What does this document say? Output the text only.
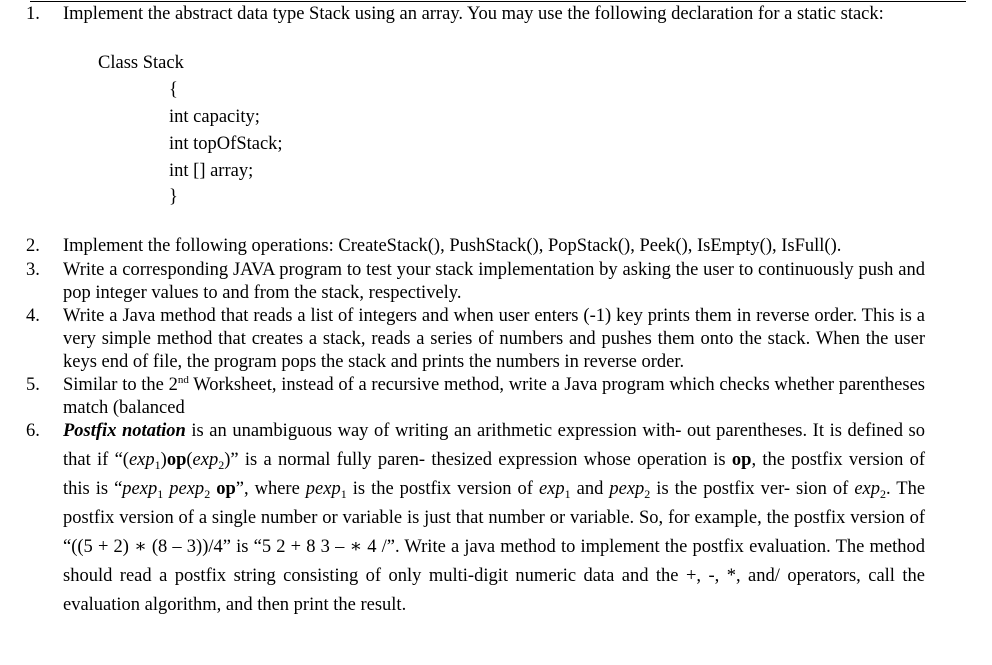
1.	Implement the abstract data type Stack using an array. You may use the following declaration for a static stack:
Class Stack
{
int capacity;
int topOfStack;
int [] array;
}
2.	Implement the following operations: CreateStack(), PushStack(), PopStack(), Peek(), IsEmpty(), IsFull().
3.	Write a corresponding JAVA program to test your stack implementation by asking the user to continuously push and pop integer values to and from the stack, respectively.
4.	Write a Java method that reads a list of integers and when user enters (-1) key prints them in reverse order. This is a very simple method that creates a stack, reads a series of numbers and pushes them onto the stack. When the user keys end of file, the program pops the stack and prints the numbers in reverse order.
5.	Similar to the 2nd Worksheet, instead of a recursive method, write a Java program which checks whether parentheses match (balanced
6.	Postfix notation is an unambiguous way of writing an arithmetic expression with- out parentheses. It is defined so that if “$(\exp_1)op(\exp_2)$” is a normal fully paren- thesized expression whose operation is op, the postfix version of this is “pexp$_1$ pexp$_2$ op”, where pexp$_1$ is the postfix version of $\exp_1$ and pexp$_2$ is the postfix ver- sion of $\exp_2$. The postfix version of a single number or variable is just that number or variable. So, for example, the postfix version of “((5 + 2) ∗ (8 – 3))/4” is “5 2 + 8 3 – ∗ 4 /”. Write a java method to implement the postfix evaluation. The method should read a postfix string consisting of only multi-digit numeric data and the +, -, *, and/ operators, call the evaluation algorithm, and then print the result.
